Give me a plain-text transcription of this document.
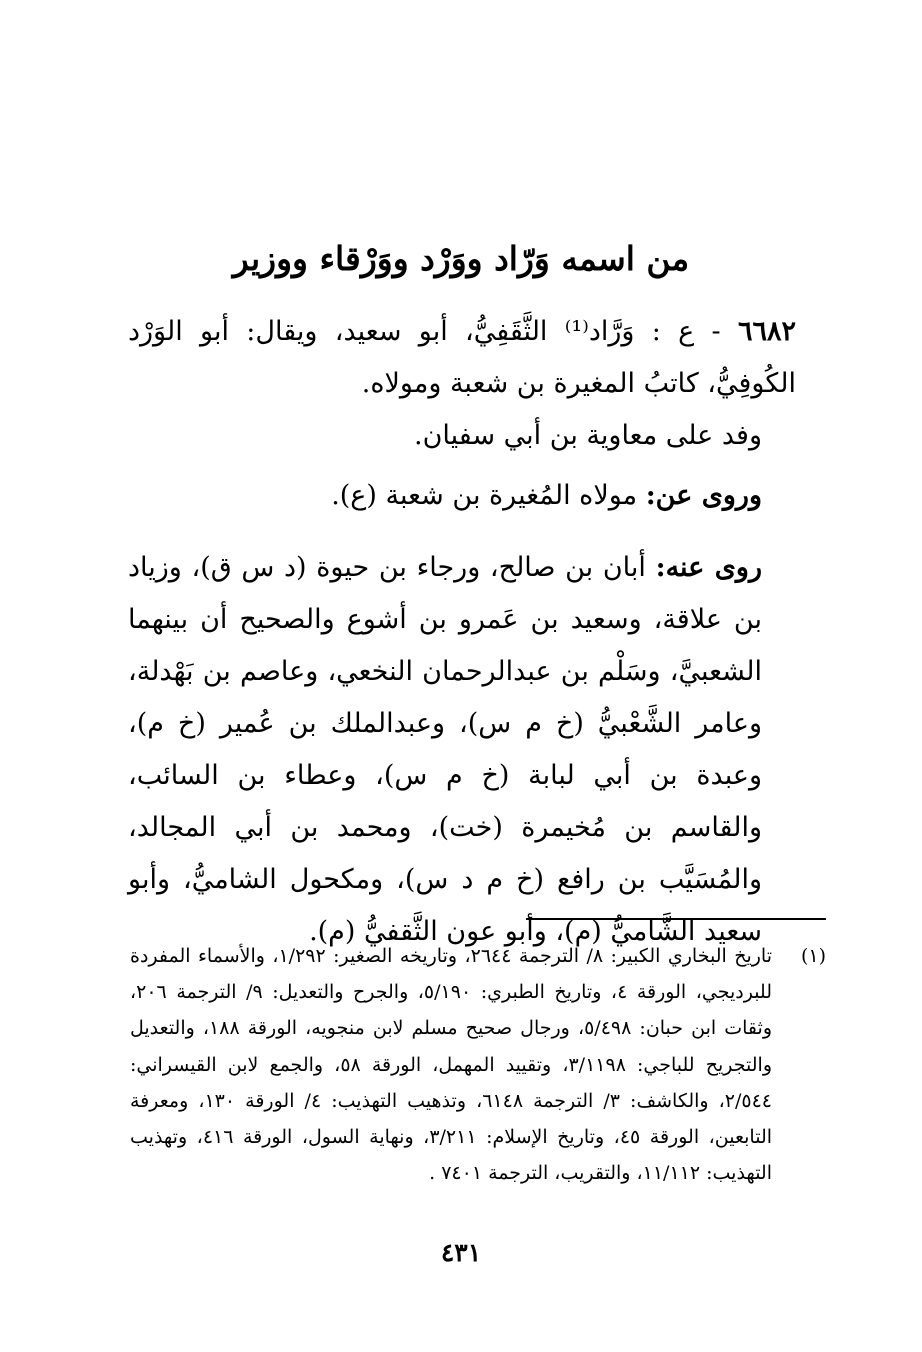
من اسمه وَرّاد ووَرْد ووَرْقاء ووزير

٦٦٨٢ - ع : وَرَّاد⁽¹⁾ الثَّقَفِيُّ، أبو سعيد، ويقال: أبو الوَرْد الكُوفِيُّ، كاتبُ المغيرة بن شعبة ومولاه.

وفد على معاوية بن أبي سفيان.

وروى عن: مولاه المُغيرة بن شعبة (ع).

روى عنه: أبان بن صالح، ورجاء بن حيوة (د س ق)، وزياد بن علاقة، وسعيد بن عَمرو بن أشوع والصحيح أن بينهما الشعبيَّ، وسَلْم بن عبدالرحمان النخعي، وعاصم بن بَهْدلة، وعامر الشَّعْبيُّ (خ م س)، وعبدالملك بن عُمير (خ م)، وعبدة بن أبي لبابة (خ م س)، وعطاء بن السائب، والقاسم بن مُخيمرة (خت)، ومحمد بن أبي المجالد، والمُسَيَّب بن رافع (خ م د س)، ومكحول الشاميُّ، وأبو سعيد الشَّاميُّ (م)، وأبو عون الثَّقفيُّ (م).

(١)
تاريخ البخاري الكبير: ٨/ الترجمة ٢٦٤٤، وتاريخه الصغير: ١/٢٩٢، والأسماء المفردة للبرديجي، الورقة ٤، وتاريخ الطبري: ٥/١٩٠، والجرح والتعديل: ٩/ الترجمة ٢٠٦، وثقات ابن حبان: ٥/٤٩٨، ورجال صحيح مسلم لابن منجويه، الورقة ١٨٨، والتعديل والتجريح للباجي: ٣/١١٩٨، وتقييد المهمل، الورقة ٥٨، والجمع لابن القيسراني: ٢/٥٤٤، والكاشف: ٣/ الترجمة ٦١٤٨، وتذهيب التهذيب: ٤/ الورقة ١٣٠، ومعرفة التابعين، الورقة ٤٥، وتاريخ الإسلام: ٣/٢١١، ونهاية السول، الورقة ٤١٦، وتهذيب التهذيب: ١١/١١٢، والتقريب، الترجمة ٧٤٠١ .
٤٣١
